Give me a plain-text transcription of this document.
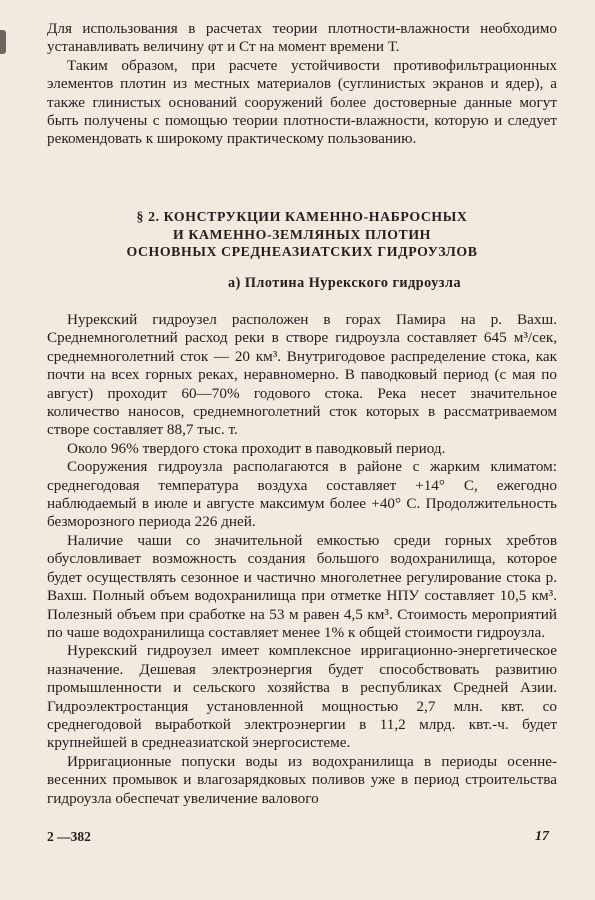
Для использования в расчетах теории плотности-влажности необходимо устанавливать величину φт и Ст на момент времени Т.

Таким образом, при расчете устойчивости противофильтрационных элементов плотин из местных материалов (суглинистых экранов и ядер), а также глинистых оснований сооружений более достоверные данные могут быть получены с помощью теории плотности-влажности, которую и следует рекомендовать к широкому практическому пользованию.

§ 2. КОНСТРУКЦИИ КАМЕННО-НАБРОСНЫХ
И КАМЕННО-ЗЕМЛЯНЫХ ПЛОТИН
ОСНОВНЫХ СРЕДНЕАЗИАТСКИХ ГИДРОУЗЛОВ
а) Плотина Нурекского гидроузла

Нурекский гидроузел расположен в горах Памира на р. Вахш. Среднемноголетний расход реки в створе гидроузла составляет 645 м³/сек, среднемноголетний сток — 20 км³. Внутригодовое распределение стока, как почти на всех горных реках, неравномерно. В паводковый период (с мая по август) проходит 60—70% годового стока. Река несет значительное количество наносов, среднемноголетний сток которых в рассматриваемом створе составляет 88,7 тыс. т.

Около 96% твердого стока проходит в паводковый период.

Сооружения гидроузла располагаются в районе с жарким климатом: среднегодовая температура воздуха составляет +14° С, ежегодно наблюдаемый в июле и августе максимум более +40° С. Продолжительность безморозного периода 226 дней.

Наличие чаши со значительной емкостью среди горных хребтов обусловливает возможность создания большого водохранилища, которое будет осуществлять сезонное и частично многолетнее регулирование стока р. Вахш. Полный объем водохранилища при отметке НПУ составляет 10,5 км³. Полезный объем при сработке на 53 м равен 4,5 км³. Стоимость мероприятий по чаше водохранилища составляет менее 1% к общей стоимости гидроузла.

Нурекский гидроузел имеет комплексное ирригационно-энергетическое назначение. Дешевая электроэнергия будет способствовать развитию промышленности и сельского хозяйства в республиках Средней Азии. Гидроэлектростанция установленной мощностью 2,7 млн. квт. со среднегодовой выработкой электроэнергии в 11,2 млрд. квт.-ч. будет крупнейшей в среднеазиатской энергосистеме.

Ирригационные попуски воды из водохранилища в периоды осенне-весенних промывок и влагозарядковых поливов уже в период строительства гидроузла обеспечат увеличение валового

2 —382	17
